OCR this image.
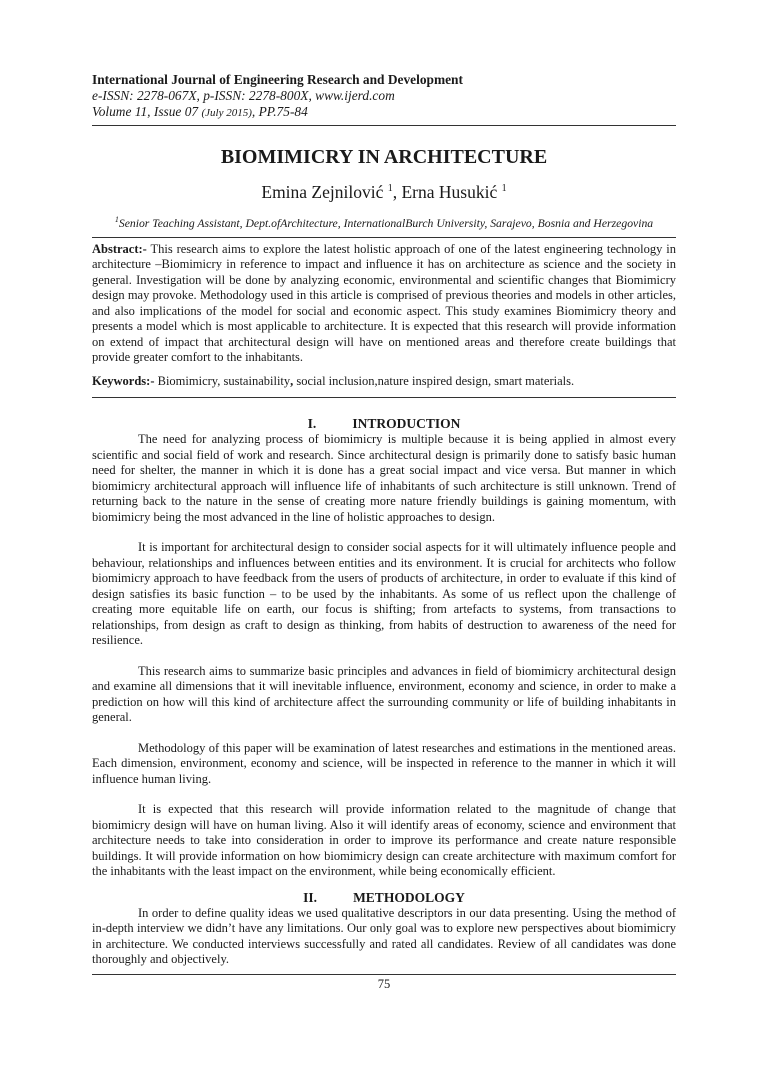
International Journal of Engineering Research and Development
e-ISSN: 2278-067X, p-ISSN: 2278-800X, www.ijerd.com
Volume 11, Issue 07 (July 2015), PP.75-84
BIOMIMICRY IN ARCHITECTURE
Emina Zejnilović $^1$, Erna Husukić $^1$
$^1$Senior Teaching Assistant, Dept.ofArchitecture, InternationalBurch University, Sarajevo, Bosnia and Herzegovina

Abstract:- This research aims to explore the latest holistic approach of one of the latest engineering technology in architecture –Biomimicry in reference to impact and influence it has on architecture as science and the society in general. Investigation will be done by analyzing economic, environmental and scientific changes that Biomimicry design may provoke. Methodology used in this article is comprised of previous theories and models in other articles, and also implications of the model for social and economic aspect. This study examines Biomimicry theory and presents a model which is most applicable to architecture. It is expected that this research will provide information on extend of impact that architectural design will have on mentioned areas and therefore create buildings that provide greater comfort to the inhabitants.

Keywords:- Biomimicry, sustainability, social inclusion,nature inspired design, smart materials.

I.	INTRODUCTION

The need for analyzing process of biomimicry is multiple because it is being applied in almost every scientific and social field of work and research. Since architectural design is primarily done to satisfy basic human need for shelter, the manner in which it is done has a great social impact and vice versa. But manner in which biomimicry architectural approach will influence life of inhabitants of such architecture is still unknown. Trend of returning back to the nature in the sense of creating more nature friendly buildings is gaining momentum, with biomimicry being the most advanced in the line of holistic approaches to design.

It is important for architectural design to consider social aspects for it will ultimately influence people and behaviour, relationships and influences between entities and its environment. It is crucial for architects who follow biomimicry approach to have feedback from the users of products of architecture, in order to evaluate if this kind of design satisfies its basic function – to be used by the inhabitants. As some of us reflect upon the challenge of creating more equitable life on earth, our focus is shifting; from artefacts to systems, from transactions to relationships, from design as craft to design as thinking, from habits of destruction to awareness of the need for resilience.

This research aims to summarize basic principles and advances in field of biomimicry architectural design and examine all dimensions that it will inevitable influence, environment, economy and science, in order to make a prediction on how will this kind of architecture affect the surrounding community or life of building inhabitants in general.

Methodology of this paper will be examination of latest researches and estimations in the mentioned areas. Each dimension, environment, economy and science, will be inspected in reference to the manner in which it will influence human living.

It is expected that this research will provide information related to the magnitude of change that biomimicry design will have on human living. Also it will identify areas of economy, science and environment that architecture needs to take into consideration in order to improve its performance and create nature responsible buildings. It will provide information on how biomimicry design can create architecture with maximum comfort for the inhabitants with the least impact on the environment, while being economically efficient.

II.	METHODOLOGY

In order to define quality ideas we used qualitative descriptors in our data presenting. Using the method of in-depth interview we didn’t have any limitations. Our only goal was to explore new perspectives about biomimicry in architecture. We conducted interviews successfully and rated all candidates. Review of all candidates was done thoroughly and objectively.

75
